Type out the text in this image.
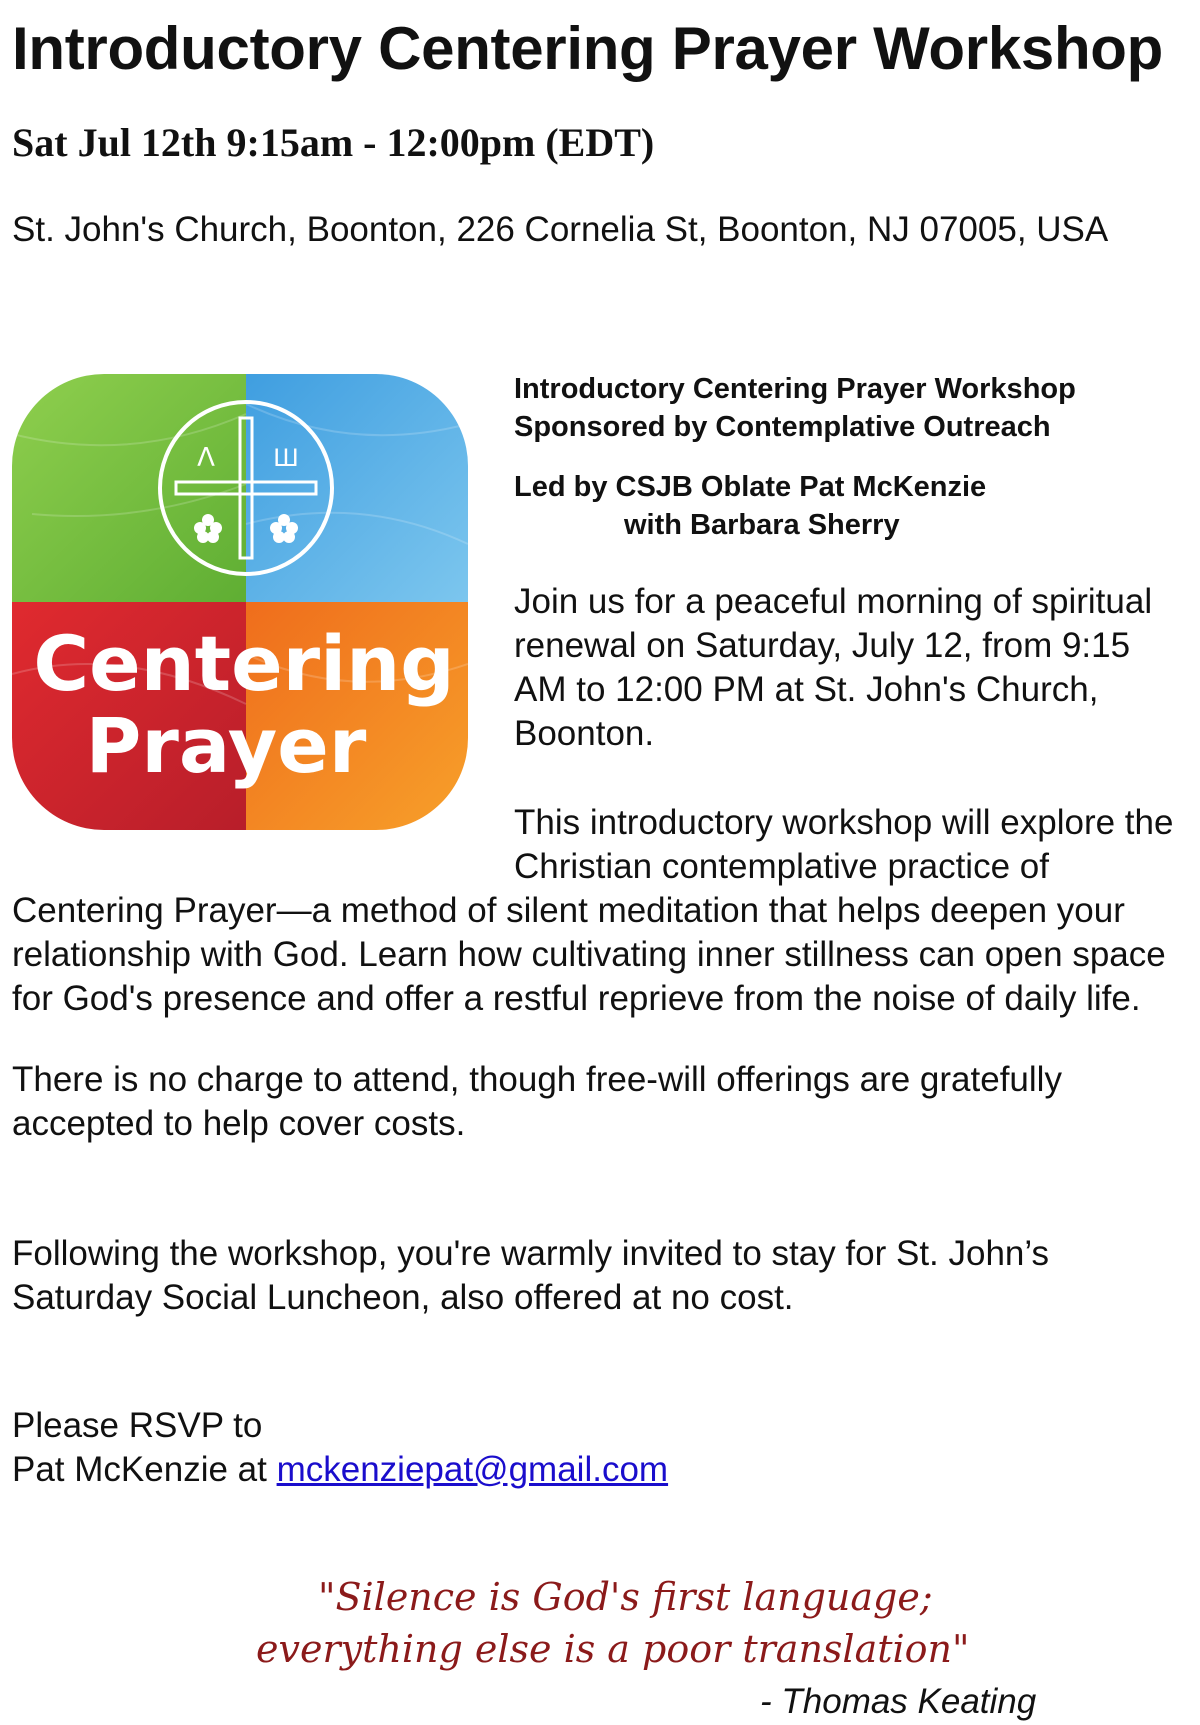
Introductory Centering Prayer Workshop
Sat Jul 12th 9:15am - 12:00pm (EDT)
St. John's Church, Boonton, 226 Cornelia St, Boonton, NJ 07005, USA
Λ Ш
Centering
Prayer
Introductory Centering Prayer Workshop
Sponsored by Contemplative Outreach
Led by CSJB Oblate Pat McKenzie
with Barbara Sherry

Join us for a peaceful morning of spiritual renewal on Saturday, July 12, from 9:15 AM to 12:00 PM at St. John's Church, Boonton.

This introductory workshop will explore the
Christian contemplative practice of
Centering Prayer—a method of silent meditation that helps deepen your
relationship with God. Learn how cultivating inner stillness can open space
for God's presence and offer a restful reprieve from the noise of daily life.
There is no charge to attend, though free-will offerings are gratefully
accepted to help cover costs.
Following the workshop, you're warmly invited to stay for St. John’s
Saturday Social Luncheon, also offered at no cost.
Please RSVP to
Pat McKenzie at mckenziepat@gmail.com
"Silence is God's first language;
everything else is a poor translation"
- Thomas Keating
